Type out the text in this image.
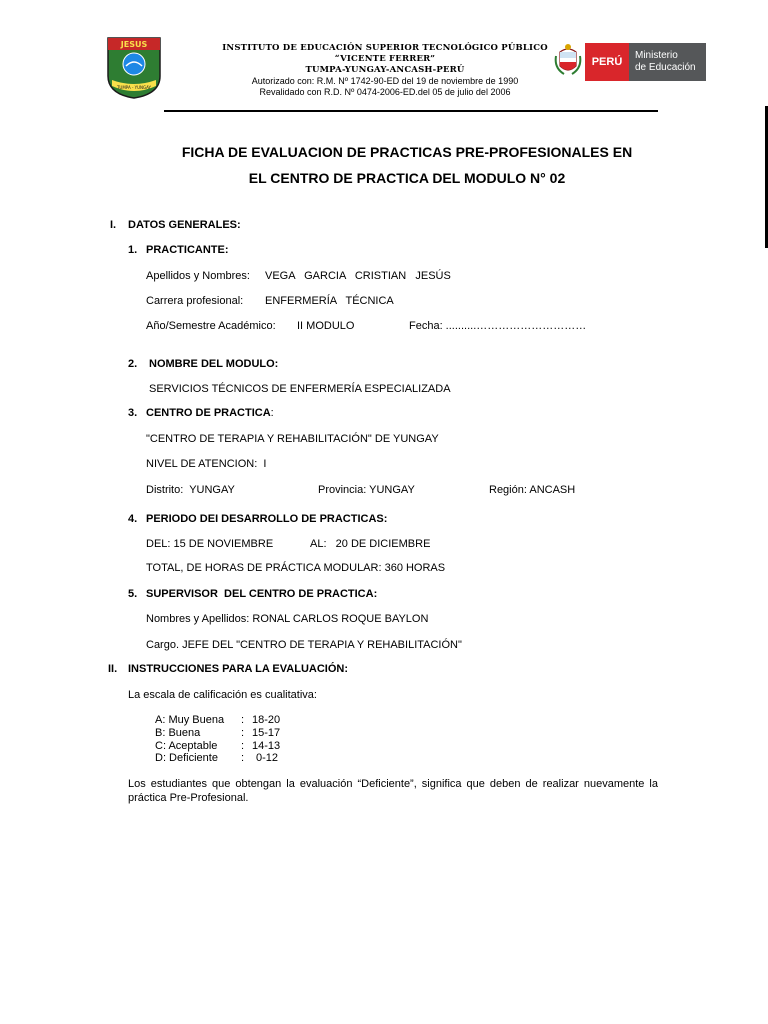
JESUS
TUMPA - YUNGAY
INSTITUTO DE EDUCACIÓN SUPERIOR TECNOLÓGICO PÚBLICO
“VICENTE FERRER”
TUMPA-YUNGAY-ANCASH-PERÚ
Autorizado con: R.M. Nº 1742-90-ED del 19 de noviembre de 1990
Revalidado con R.D. Nº 0474-2006-ED.del 05 de julio del 2006
PERÚ
Ministerio
de Educación
FICHA DE EVALUACION DE PRACTICAS PRE-PROFESIONALES EN
EL CENTRO DE PRACTICA DEL MODULO N° 02
I. DATOS GENERALES:
1. PRACTICANTE:
Apellidos y Nombres: VEGA   GARCIA   CRISTIAN   JESÚS
Carrera profesional: ENFERMERÍA   TÉCNICA
Año/Semestre Académico: II MODULO	Fecha: ..........…………………………
2. NOMBRE DEL MODULO:
SERVICIOS TÉCNICOS DE ENFERMERÍA ESPECIALIZADA
3. CENTRO DE PRACTICA:
"CENTRO DE TERAPIA Y REHABILITACIÓN" DE YUNGAY
NIVEL DE ATENCION:  I
Distrito:  YUNGAY	Provincia: YUNGAY	Región: ANCASH
4. PERIODO DEI DESARROLLO DE PRACTICAS:
DEL: 15 DE NOVIEMBRE	AL:   20 DE DICIEMBRE
TOTAL, DE HORAS DE PRÁCTICA MODULAR: 360 HORAS
5. SUPERVISOR  DEL CENTRO DE PRACTICA:
Nombres y Apellidos: RONAL CARLOS ROQUE BAYLON
Cargo. JEFE DEL "CENTRO DE TERAPIA Y REHABILITACIÓN"
II. INSTRUCCIONES PARA LA EVALUACIÓN:
La escala de calificación es cualitativa:
A: Muy Buena : 18-20
B: Buena	: 15-17
C: Aceptable : 14-13
D: Deficiente : 0-12
Los estudiantes que obtengan la evaluación “Deficiente”, significa que deben de realizar nuevamente la práctica Pre-Profesional.
